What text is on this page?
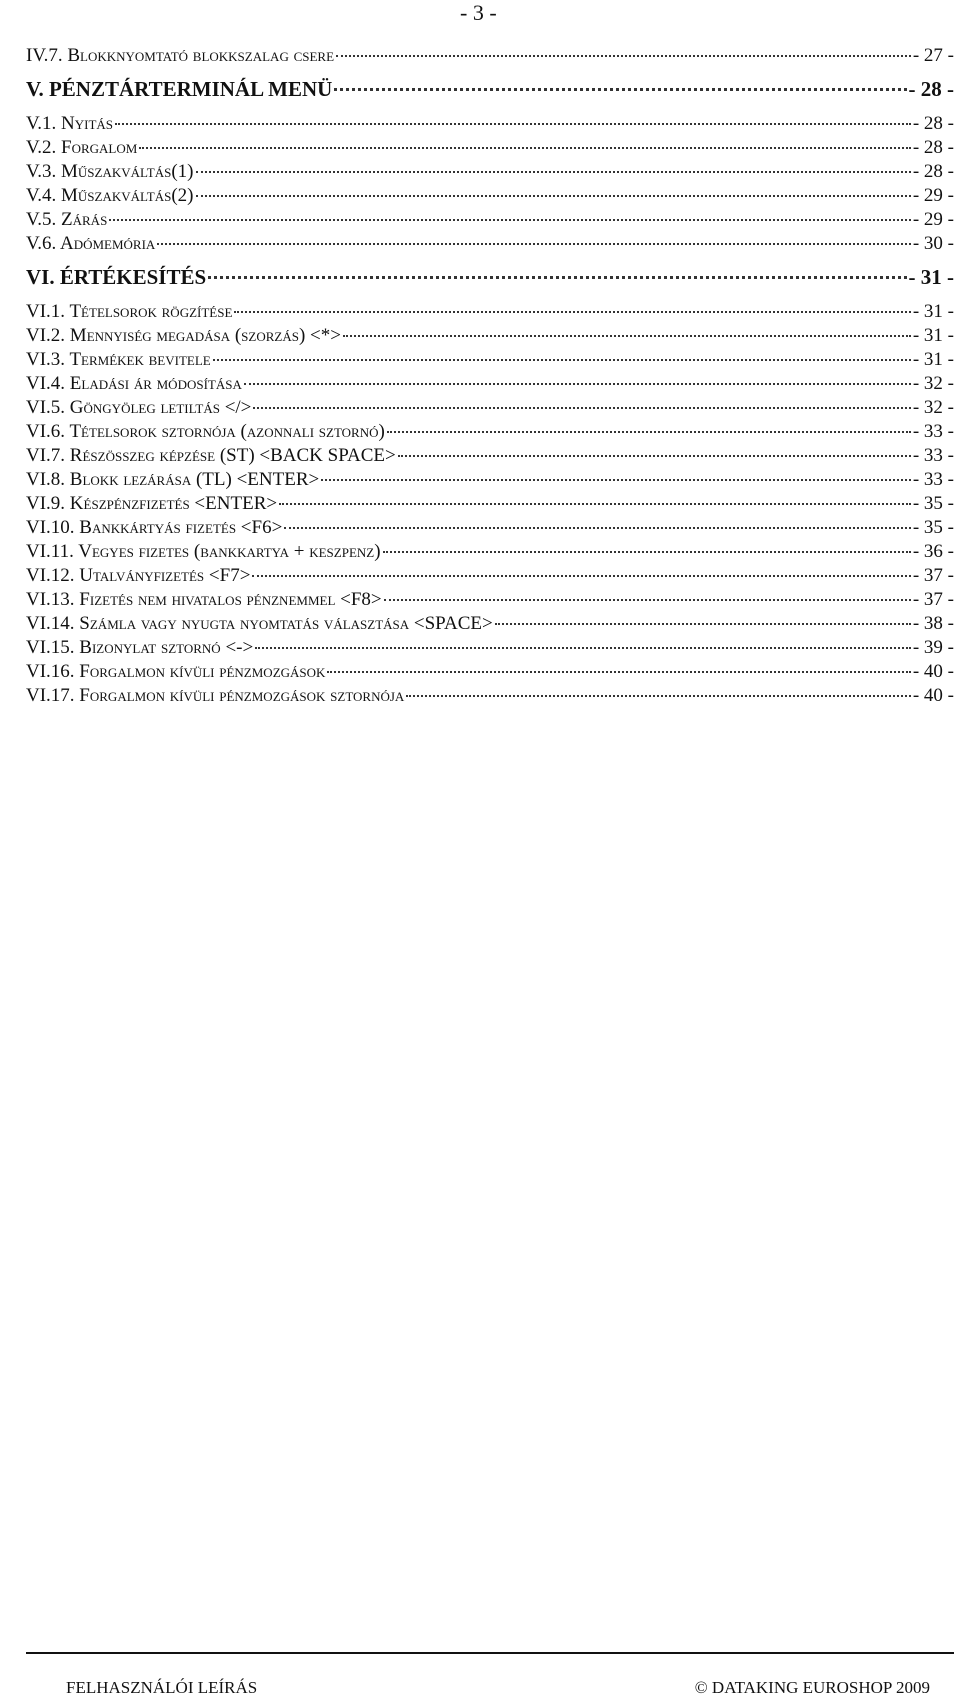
- 3 -
IV.7. Blokknyomtató blokkszalag csere	- 27 -
V. PÉNZTÁRTERMINÁL MENÜ	- 28 -
V.1. Nyitás	- 28 -
V.2. Forgalom	- 28 -
V.3. Műszakváltás(1)	- 28 -
V.4. Műszakváltás(2)	- 29 -
V.5. Zárás	- 29 -
V.6. Adómemória	- 30 -
VI. ÉRTÉKESÍTÉS	- 31 -
VI.1. Tételsorok rögzítése	- 31 -
VI.2. Mennyiség megadása (szorzás) <*>	- 31 -
VI.3. Termékek bevitele	- 31 -
VI.4. Eladási ár módosítása	- 32 -
VI.5. Göngyöleg letiltás </>	- 32 -
VI.6. Tételsorok sztornója (azonnali sztornó)	- 33 -
VI.7. Részösszeg képzése (ST) <BACK SPACE>	- 33 -
VI.8. Blokk lezárása (TL) <ENTER>	- 33 -
VI.9. Készpénzfizetés <ENTER>	- 35 -
VI.10. Bankkártyás fizetés <F6>	- 35 -
VI.11. Vegyes fizetes (bankkartya + keszpenz)	- 36 -
VI.12. Utalványfizetés <F7>	- 37 -
VI.13. Fizetés nem hivatalos pénznemmel <F8>	- 37 -
VI.14. Számla vagy nyugta nyomtatás választása <SPACE>	- 38 -
VI.15. Bizonylat sztornó <->	- 39 -
VI.16. Forgalmon kívüli pénzmozgások	- 40 -
VI.17. Forgalmon kívüli pénzmozgások sztornója	- 40 -
FELHASZNÁLÓI LEÍRÁS	© DATAKING EUROSHOP 2009
